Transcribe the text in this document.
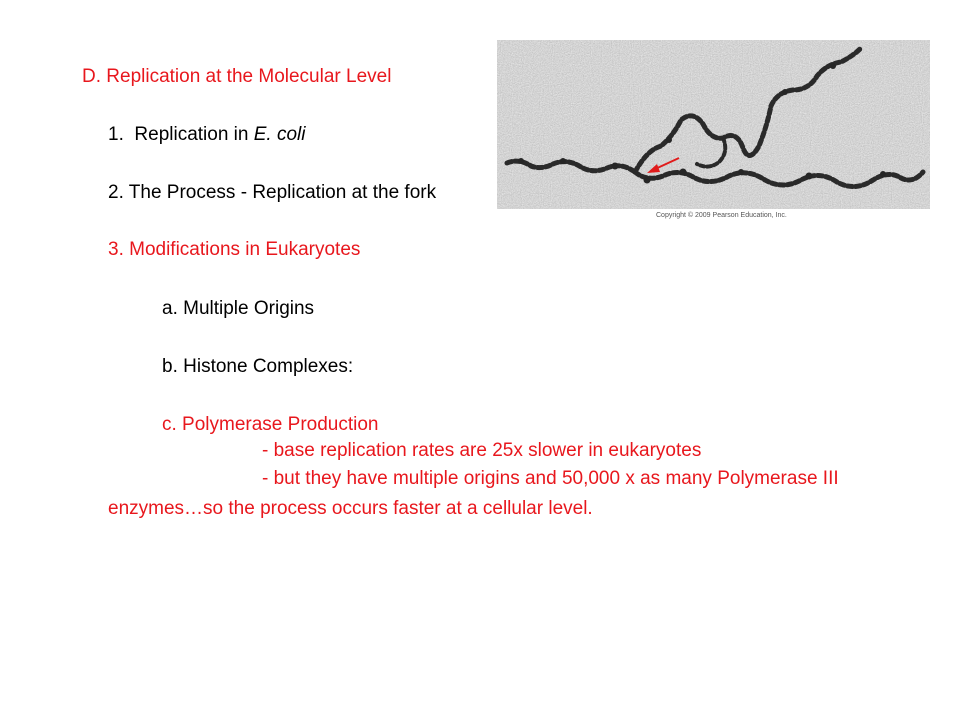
D. Replication at the Molecular Level
1.  Replication in E. coli
2. The Process - Replication at the fork
3. Modifications in Eukaryotes
a. Multiple Origins
b. Histone Complexes:
c. Polymerase Production
- base replication rates are 25x slower in eukaryotes
- but they have multiple origins and 50,000 x as many Polymerase III
enzymes…so the process occurs faster at a cellular level.
Copyright © 2009 Pearson Education, Inc.
